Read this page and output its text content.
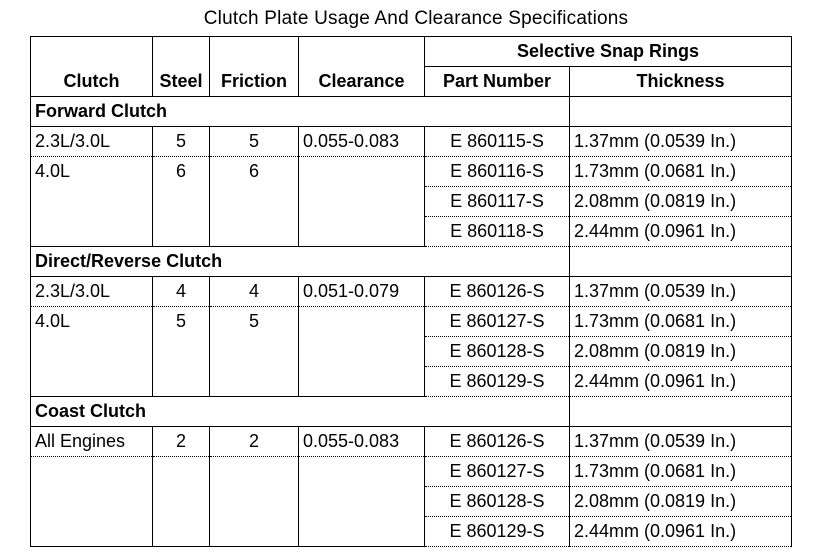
Clutch Plate Usage And Clearance Specifications
				Selective Snap Rings	
Clutch	Steel	Friction	Clearance	Part Number	Thickness
Forward Clutch					
2.3L/3.0L	5	5	0.055-0.083	E 860115-S	1.37mm (0.0539 In.)
4.0L	6	6		E 860116-S	1.73mm (0.0681 In.)
				E 860117-S	2.08mm (0.0819 In.)
				E 860118-S	2.44mm (0.0961 In.)
Direct/Reverse Clutch					
2.3L/3.0L	4	4	0.051-0.079	E 860126-S	1.37mm (0.0539 In.)
4.0L	5	5		E 860127-S	1.73mm (0.0681 In.)
				E 860128-S	2.08mm (0.0819 In.)
				E 860129-S	2.44mm (0.0961 In.)
Coast Clutch					
All Engines	2	2	0.055-0.083	E 860126-S	1.37mm (0.0539 In.)
				E 860127-S	1.73mm (0.0681 In.)
				E 860128-S	2.08mm (0.0819 In.)
				E 860129-S	2.44mm (0.0961 In.)
